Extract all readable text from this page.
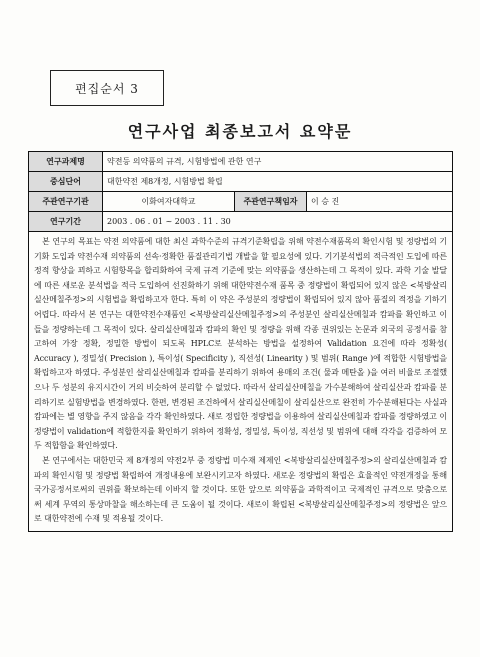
편집순서 3
연구사업 최종보고서 요약문
연구과제명	약전등 의약품의 규격, 시험방법에 관한 연구		
중심단어	대한약전 제8개정, 시험방법 확립		
주관연구기관	이화여자대학교	주관연구책임자	이 승 진
연구기간	2003 . 06 . 01 ~ 2003 . 11 . 30		

본 연구의 목표는 약전 의약품에 대한 최신 과학수준의 규격기준확립을 위해 약전수재품목의 확인시험 및 정량법의 기기화 도입과 약전수재 의약품의 선속·정확한 품질관리기법 개발을 할 필요성에 있다. 기기분석법의 적극적인 도입에 따른 정적 향상을 꾀하고 시험항목을 합리화하여 국제 규격 기준에 맞는 의약품을 생산하는데 그 목적이 있다. 과학 기술 발달에 따른 새로운 분석법을 적극 도입하여 선진화하기 위해 대한약전수재 품목 중 정량법이 확립되어 있지 않은 <복방살리실산메칠주정>의 시험법을 확립하고자 한다. 특히 이 약은 주성분의 정량법이 확립되어 있지 않아 품질의 적정을 기하기 어렵다. 따라서 본 연구는 대한약전수재품인 <복방살리실산메칠주정>의 주성분인 살리실산메칠과 캄파를 확인하고 이들을 정량하는데 그 목적이 있다. 살리실산메칠과 캄파의 확인 및 정량을 위해 각종 권위있는 논문과 외국의 공정서를 참고하여 가장 정확, 정밀한 방법이 되도록 HPLC로 분석하는 방법을 설정하여 Validation 요건에 따라 정확성( Accuracy ), 정밀성( Precision ), 특이성( Specificity ), 직선성( Linearity ) 및 범위( Range )에 적합한 시험방법을 확립하고자 하였다. 주성분인 살리실산메칠과 캄파를 분리하기 위하여 용매의 조건( 물과 메탄올 )을 여러 비율로 조절했으나 두 성분의 유지시간이 거의 비슷하여 분리할 수 없었다. 따라서 살리실산메칠을 가수분해하여 살리실산과 캄파를 분리하기로 실험방법을 변경하였다. 한편, 변경된 조건하에서 살리실산메칠이 살리실산으로 완전히 가수분해된다는 사실과 캄파에는 별 영향을 주지 않음을 각각 확인하였다. 새로 정립한 정량법을 이용하여 살리실산메칠과 캄파를 정량하였고 이 정량법이 validation에 적합한지를 확인하기 위하여 정확성, 정밀성, 특이성, 직선성 및 범위에 대해 각각을 검증하여 모두 적합함을 확인하였다.

본 연구에서는 대한민국 제 8개정의 약전2부 중 정량법 미수재 제제인 <복방살리실산메칠주정>의 살리실산메칠과 캄파의 확인시험 및 정량법 확립하여 개정내용에 보완시키고자 하였다. 새로운 정량법의 확립은 효율적인 약전개정을 통해 국가공정서로써의 권위를 확보하는데 이바지 할 것이다. 또한 앞으로 의약품을 과학적이고 국제적인 규격으로 맞춤으로써 세계 무역의 통상마찰을 해소하는데 큰 도움이 될 것이다. 새로이 확립된 <복방살리실산메칠주정>의 정량법은 앞으로 대한약전에 수재 및 적용될 것이다.			
